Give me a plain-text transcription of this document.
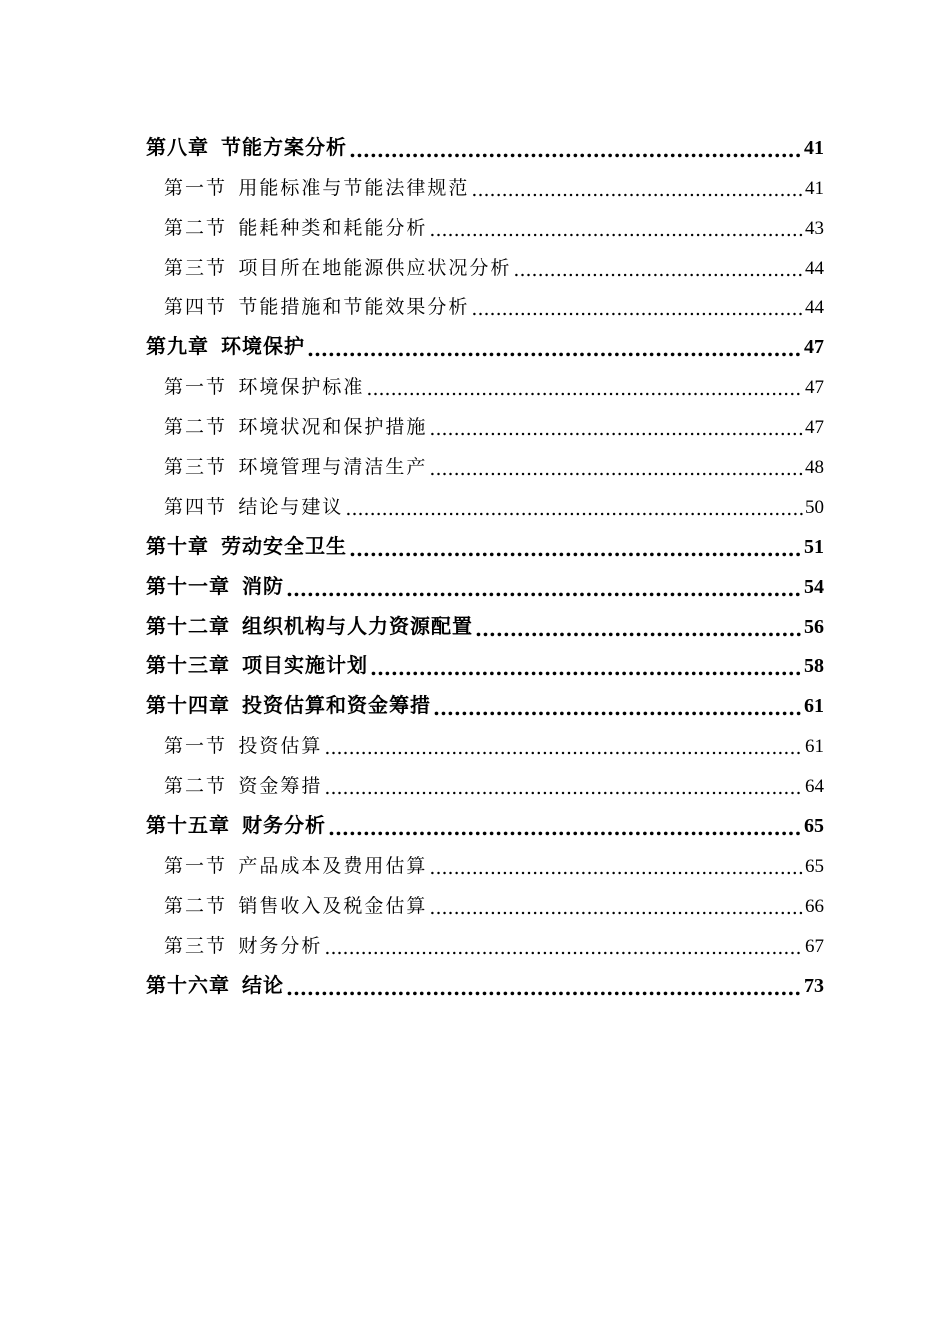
第八章 节能方案分析 .....	41
第一节 用能标准与节能法律规范 .....	41
第二节 能耗种类和耗能分析 .....	43
第三节 项目所在地能源供应状况分析 .....	44
第四节 节能措施和节能效果分析 .....	44
第九章 环境保护 .....	47
第一节 环境保护标准 .....	47
第二节 环境状况和保护措施 .....	47
第三节 环境管理与清洁生产 .....	48
第四节 结论与建议 .....	50
第十章 劳动安全卫生 .....	51
第十一章 消防 .....	54
第十二章 组织机构与人力资源配置 .....	56
第十三章 项目实施计划 .....	58
第十四章 投资估算和资金筹措 .....	61
第一节 投资估算 .....	61
第二节 资金筹措 .....	64
第十五章 财务分析 .....	65
第一节 产品成本及费用估算 .....	65
第二节 销售收入及税金估算 .....	66
第三节 财务分析 .....	67
第十六章 结论 .....	73
